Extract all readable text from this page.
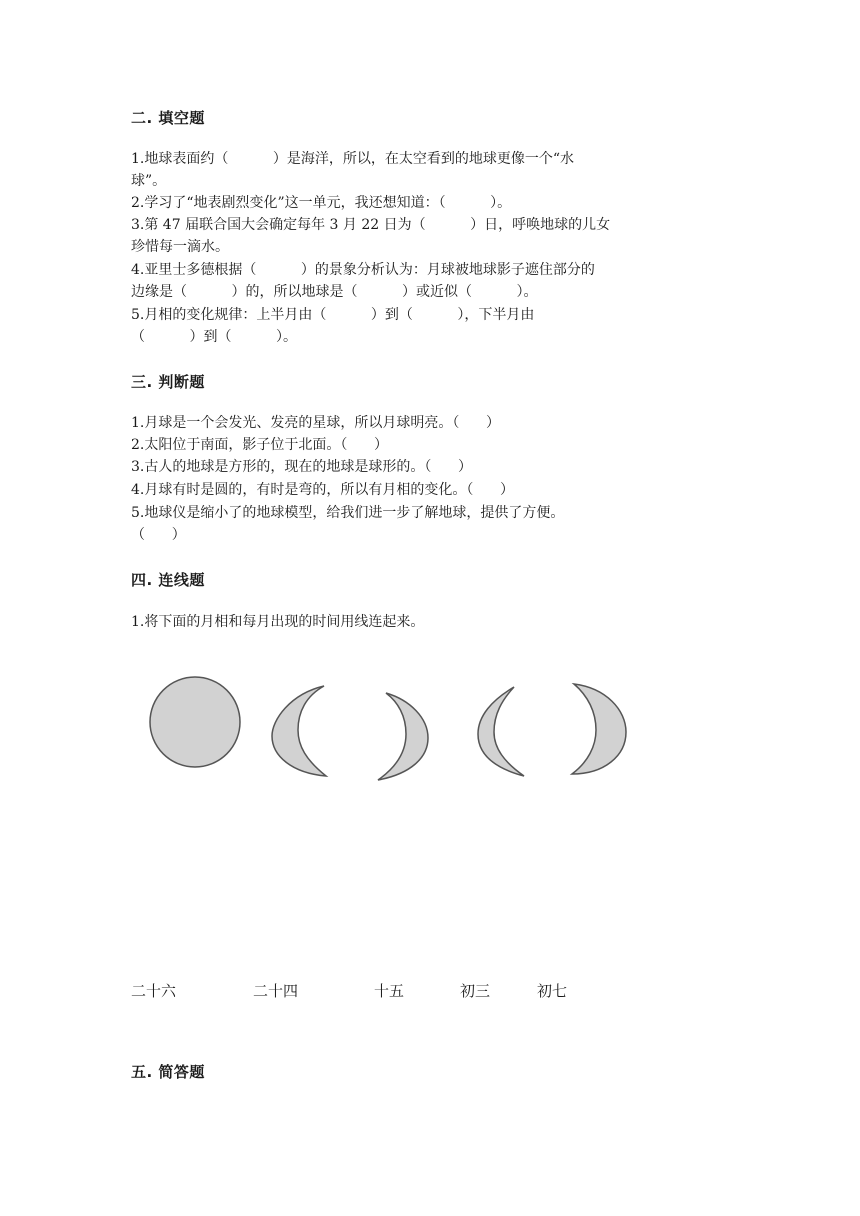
二. 填空题
1.地球表面约（          ）是海洋，所以，在太空看到的地球更像一个“水
球”。
2.学习了“地表剧烈变化”这一单元，我还想知道：（          ）。
3.第 47 届联合国大会确定每年 3 月 22 日为（          ）日，呼唤地球的儿女
珍惜每一滴水。
4.亚里士多德根据（          ）的景象分析认为：月球被地球影子遮住部分的
边缘是（          ）的，所以地球是（          ）或近似（          ）。
5.月相的变化规律：上半月由（          ）到（          ），下半月由
（          ）到（          ）。
三. 判断题
1.月球是一个会发光、发亮的星球，所以月球明亮。（      ）
2.太阳位于南面，影子位于北面。（      ）
3.古人的地球是方形的，现在的地球是球形的。（      ）
4.月球有时是圆的，有时是弯的，所以有月相的变化。（      ）
5.地球仪是缩小了的地球模型，给我们进一步了解地球，提供了方便。
（      ）
四. 连线题
1.将下面的月相和每月出现的时间用线连起来。
二十六	二十四	十五	初三	初七
五. 简答题
